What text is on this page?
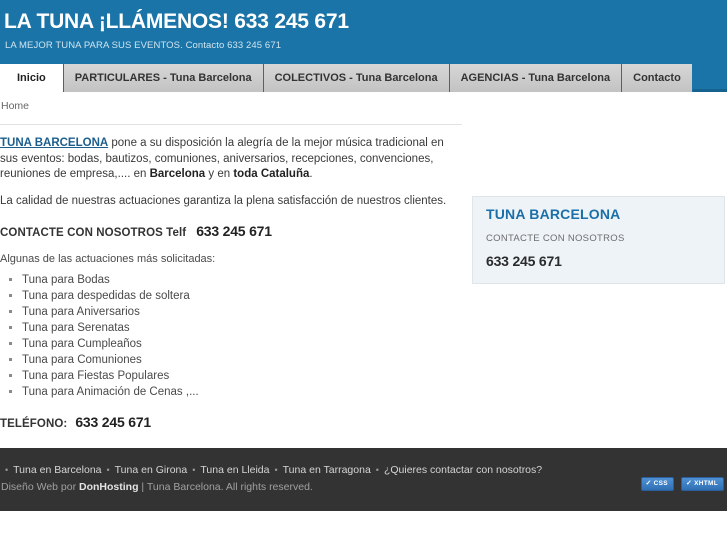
LA TUNA ¡LLÁMENOS! 633 245 671
LA MEJOR TUNA PARA SUS EVENTOS. Contacto 633 245 671
Inicio	PARTICULARES - Tuna Barcelona COLECTIVOS - Tuna Barcelona AGENCIAS - Tuna Barcelona Contacto
Home

TUNA BARCELONA pone a su disposición la alegría de la mejor música tradicional en sus eventos: bodas, bautizos, comuniones, aniversarios, recepciones, convenciones, reuniones de empresa,.... en Barcelona y en toda Cataluña.

La calidad de nuestras actuaciones garantiza la plena satisfacción de nuestros clientes.

CONTACTE CON NOSOTROS Telf 633 245 671
Algunas de las actuaciones más solicitadas:
▪ Tuna para Bodas
▪ Tuna para despedidas de soltera
▪ Tuna para Aniversarios
▪ Tuna para Serenatas
▪ Tuna para Cumpleaños
▪ Tuna para Comuniones
▪ Tuna para Fiestas Populares
▪ Tuna para Animación de Cenas ,...
TELÉFONO: 633 245 671
TUNA BARCELONA
CONTACTE CON NOSOTROS
633 245 671
• Tuna en Barcelona • Tuna en Girona • Tuna en Lleida • Tuna en Tarragona • ¿Quieres contactar con nosotros?
Diseño Web por DonHosting | Tuna Barcelona. All rights reserved.	✓ CSS	✓ XHTML
